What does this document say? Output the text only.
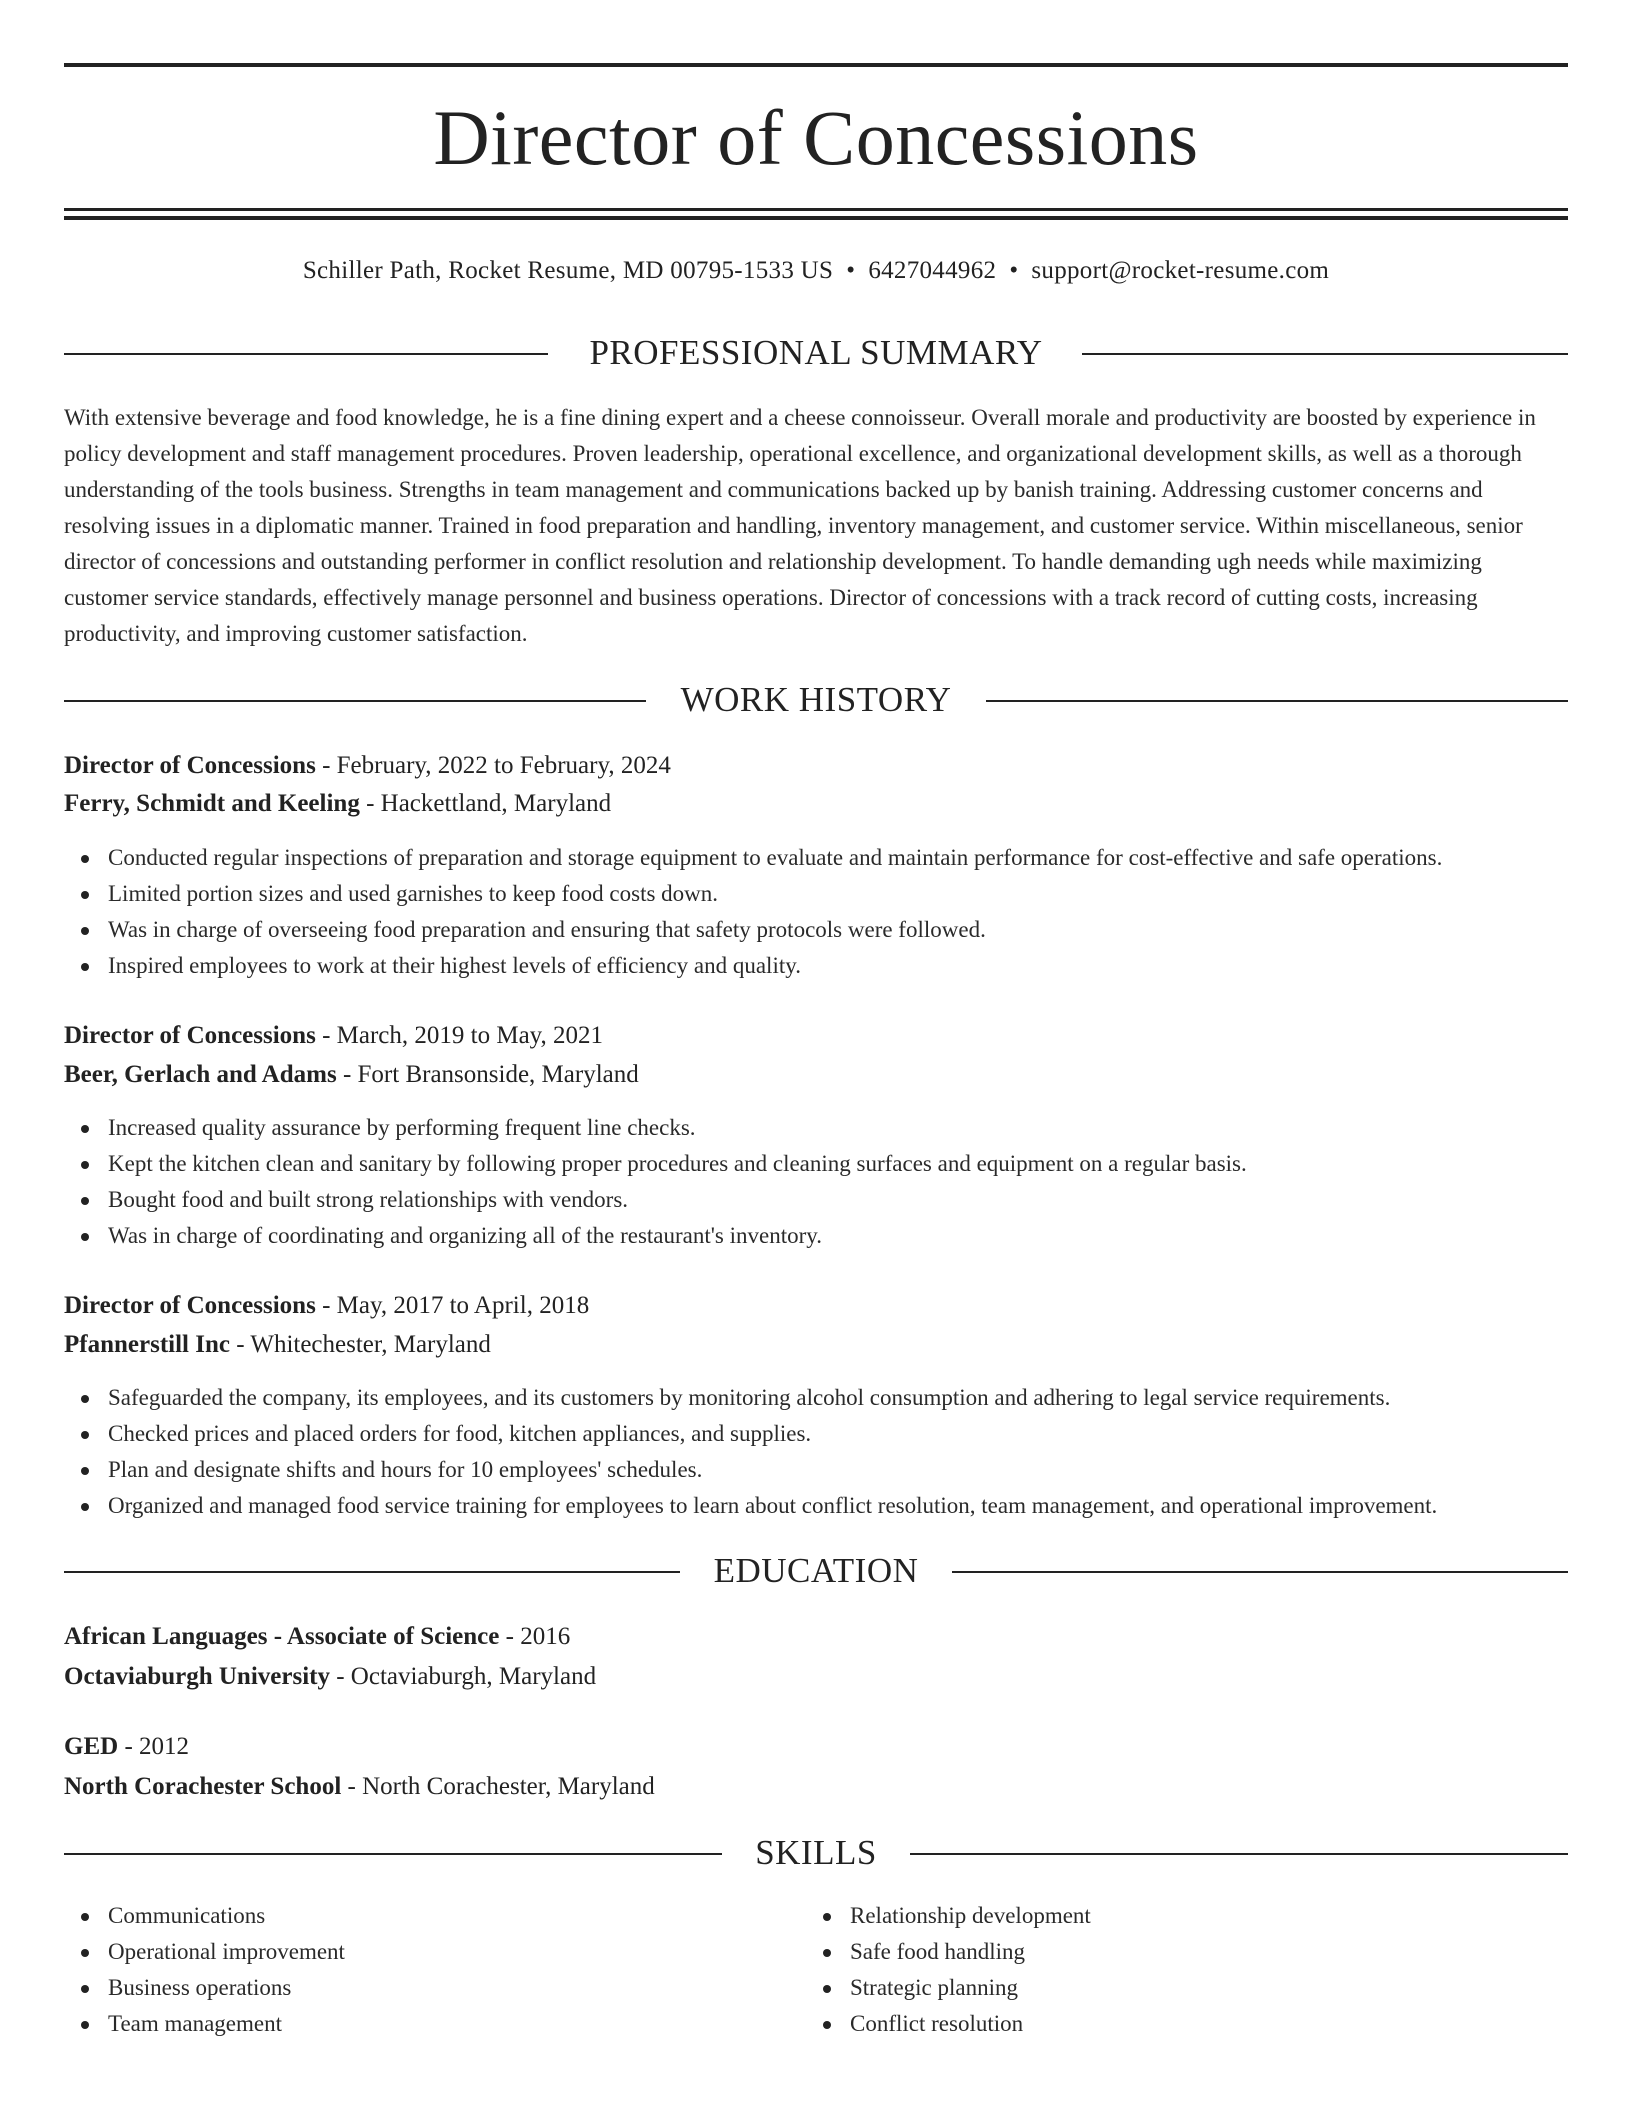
Director of Concessions
Schiller Path, Rocket Resume, MD 00795-1533 US • 6427044962 • support@rocket-resume.com
PROFESSIONAL SUMMARY

With extensive beverage and food knowledge, he is a fine dining expert and a cheese connoisseur. Overall morale and productivity are boosted by experience in policy development and staff management procedures. Proven leadership, operational excellence, and organizational development skills, as well as a thorough understanding of the tools business. Strengths in team management and communications backed up by banish training. Addressing customer concerns and resolving issues in a diplomatic manner. Trained in food preparation and handling, inventory management, and customer service. Within miscellaneous, senior director of concessions and outstanding performer in conflict resolution and relationship development. To handle demanding ugh needs while maximizing customer service standards, effectively manage personnel and business operations. Director of concessions with a track record of cutting costs, increasing productivity, and improving customer satisfaction.

WORK HISTORY
Director of Concessions - February, 2022 to February, 2024
Ferry, Schmidt and Keeling - Hackettland, Maryland
Conducted regular inspections of preparation and storage equipment to evaluate and maintain performance for cost-effective and safe operations.
Limited portion sizes and used garnishes to keep food costs down.
Was in charge of overseeing food preparation and ensuring that safety protocols were followed.
Inspired employees to work at their highest levels of efficiency and quality.
Director of Concessions - March, 2019 to May, 2021
Beer, Gerlach and Adams - Fort Bransonside, Maryland
Increased quality assurance by performing frequent line checks.
Kept the kitchen clean and sanitary by following proper procedures and cleaning surfaces and equipment on a regular basis.
Bought food and built strong relationships with vendors.
Was in charge of coordinating and organizing all of the restaurant's inventory.
Director of Concessions - May, 2017 to April, 2018
Pfannerstill Inc - Whitechester, Maryland
Safeguarded the company, its employees, and its customers by monitoring alcohol consumption and adhering to legal service requirements.
Checked prices and placed orders for food, kitchen appliances, and supplies.
Plan and designate shifts and hours for 10 employees' schedules.
Organized and managed food service training for employees to learn about conflict resolution, team management, and operational improvement.
EDUCATION
African Languages - Associate of Science - 2016
Octaviaburgh University - Octaviaburgh, Maryland
GED - 2012
North Corachester School - North Corachester, Maryland
SKILLS
Communications
Operational improvement
Business operations
Team management
Relationship development
Safe food handling
Strategic planning
Conflict resolution
